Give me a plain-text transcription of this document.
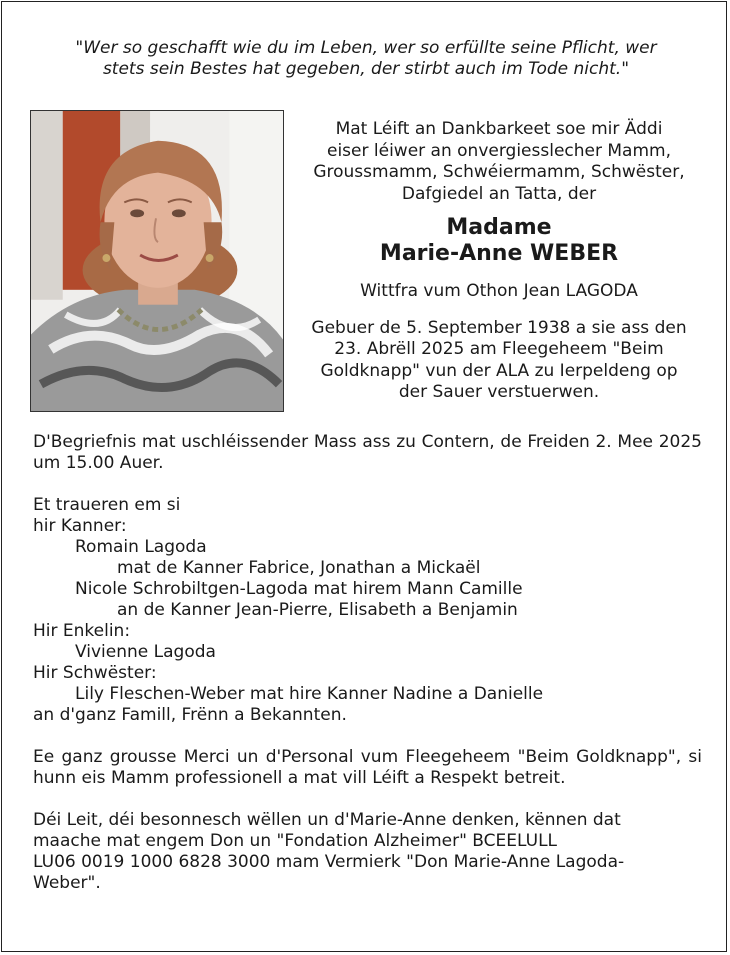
"Wer so geschafft wie du im Leben, wer so erfüllte seine Pflicht, wer
stets sein Bestes hat gegeben, der stirbt auch im Tode nicht."
Mat Léift an Dankbarkeet soe mir Äddi
eiser léiwer an onvergiesslecher Mamm,
Groussmamm, Schwéiermamm, Schwëster,
Dafgiedel an Tatta, der
Madame
Marie-Anne WEBER
Wittfra vum Othon Jean LAGODA
Gebuer de 5. September 1938 a sie ass den
23. Abrëll 2025 am Fleegeheem "Beim
Goldknapp" vun der ALA zu Ierpeldeng op
der Sauer verstuerwen.

D'Begriefnis mat uschléissender Mass ass zu Contern, de Freiden 2. Mee 2025 um 15.00 Auer.

Et traueren em si
hir Kanner:
Romain Lagoda
mat de Kanner Fabrice, Jonathan a Mickaël
Nicole Schrobiltgen-Lagoda mat hirem Mann Camille
an de Kanner Jean-Pierre, Elisabeth a Benjamin
Hir Enkelin:
Vivienne Lagoda
Hir Schwëster:
Lily Fleschen-Weber mat hire Kanner Nadine a Danielle
an d'ganz Famill, Frënn a Bekannten.

Ee ganz grousse Merci un d'Personal vum Fleegeheem "Beim Goldknapp", si hunn eis Mamm professionell a mat vill Léift a Respekt betreit.

Déi Leit, déi besonnesch wëllen un d'Marie-Anne denken, kënnen dat
maache mat engem Don un "Fondation Alzheimer" BCEELULL
LU06 0019 1000 6828 3000 mam Vermierk "Don Marie-Anne Lagoda-
Weber".
